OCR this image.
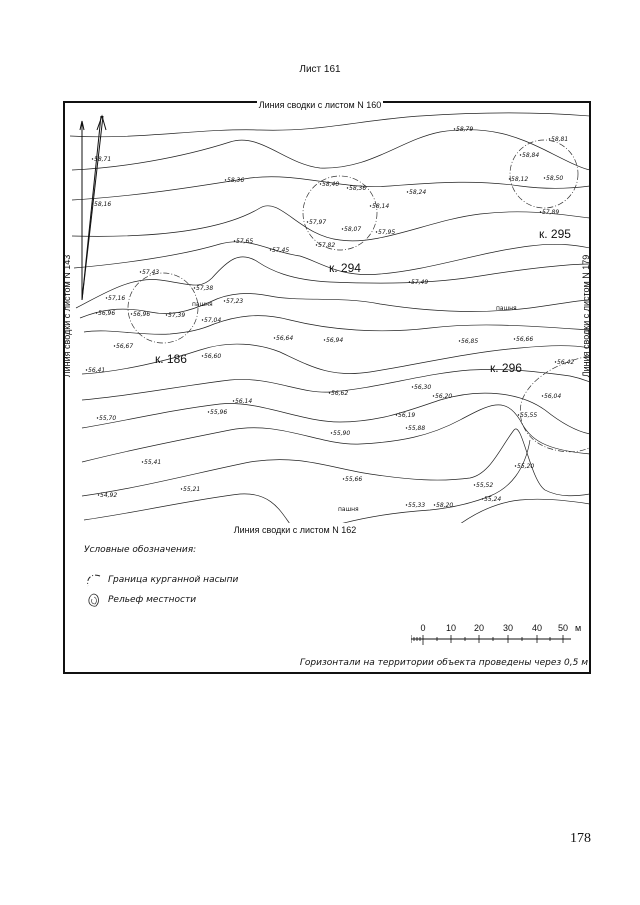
Лист 161
58,79
58,81
58,84
58,71
58,36
58,40
58,36
58,24
58,12	58,50
58,16	58,14
57,97
58,07	57,95
57,89
57,65
57,82
57,45
57,43
57,49
57,38
57,16	57,23
56,96	56,96	57,39
57,04
56,64	56,94	56,85	56,66
56,67
56,60
56,42
56,41
56,30
56,62	56,20	56,04
56,14
55,96	55,55
55,70	56,19
55,88
55,90
55,41
55,20
55,66
55,52
55,21
54,92
55,24
55,33 58,20
к. 186
к. 294
к. 295
к. 296
пашня
пашня
пашня
Линия сводки с листом N 160
Линия сводки с листом N 162
Линия сводки с листом N 143	Линия сводки с листом N 179
Условные обозначения:
Граница курганной насыпи
Рельеф местности
0 10 20 30 40 50 м
Горизонтали на территории объекта проведены через 0,5 м
178
